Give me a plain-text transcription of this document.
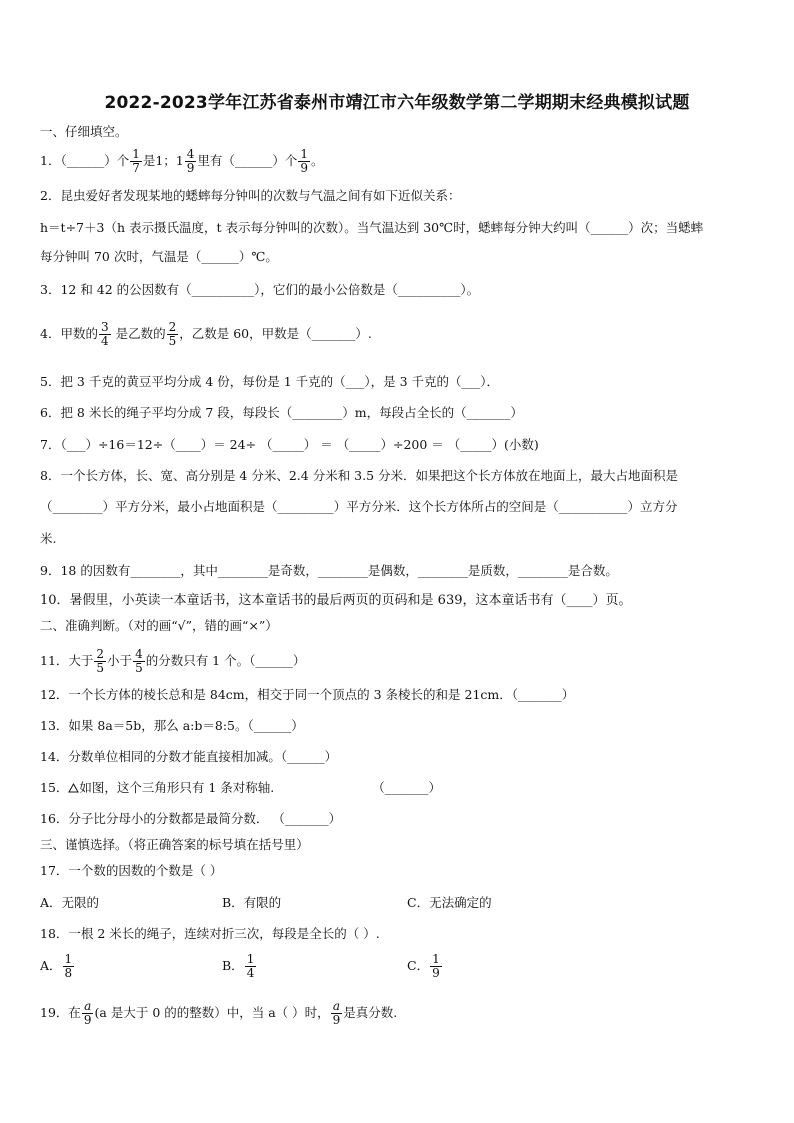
2022-2023学年江苏省泰州市靖江市六年级数学第二学期期末经典模拟试题
一、仔细填空。
1．（______）个 $\frac{1}{7}$ 是1；$1 \frac{4}{9}$ 里有（______）个 $\frac{1}{9}$ 。
2．昆虫爱好者发现某地的蟋蟀每分钟叫的次数与气温之间有如下近似关系：
h＝t÷7＋3（h 表示摄氏温度，t 表示每分钟叫的次数）。当气温达到 30℃时，蟋蟀每分钟大约叫（______）次；当蟋蟀
每分钟叫 70 次时，气温是（______）℃。
3．12 和 42 的公因数有（__________），它们的最小公倍数是（__________）。
4．甲数的 $\frac{3}{4}$ 是乙数的 $\frac{2}{5}$ ，乙数是 60，甲数是（_______）.
5．把 3 千克的黄豆平均分成 4 份，每份是 1 千克的（___），是 3 千克的（___）．
6．把 8 米长的绳子平均分成 7 段，每段长（________）m，每段占全长的（_______）
7．（___）÷16＝12÷（____）＝ 24÷ （_____） ＝ （_____）÷200 ＝ （_____）(小数)
8．一个长方体，长、宽、高分别是 4 分米、2.4 分米和 3.5 分米．如果把这个长方体放在地面上，最大占地面积是
（________）平方分米，最小占地面积是（_________）平方分米．这个长方体所占的空间是（___________）立方分
米.
9．18 的因数有________，其中________是奇数，________是偶数，________是质数，________是合数。
10．暑假里，小英读一本童话书，这本童话书的最后两页的页码和是 639，这本童话书有（____）页。
二、准确判断。（对的画“√”，错的画“×”）
11．大于 $\frac{2}{5}$ 小于 $\frac{4}{5}$ 的分数只有 1 个。（______）
12．一个长方体的棱长总和是 84cm，相交于同一个顶点的 3 条棱长的和是 21cm．（_______）
13．如果 8a＝5b，那么 a:b＝8:5。（______）
14．分数单位相同的分数才能直接相加减。（______）
15． 如图，这个三角形只有 1 条对称轴.	（_______）
16．分子比分母小的分数都是最简分数． （_______）
三、谨慎选择。（将正确答案的标号填在括号里）
17．一个数的因数的个数是（ ）
A．无限的	B．有限的	C．无法确定的
18．一根 2 米长的绳子，连续对折三次，每段是全长的（ ）.
A． $\frac{1}{8}$	B． $\frac{1}{4}$	C． $\frac{1}{9}$
19．在 $\frac{a}{9} (a$ 是大于 0 的的整数）中，当 a（ ）时， $\frac{a}{9}$ 是真分数.
